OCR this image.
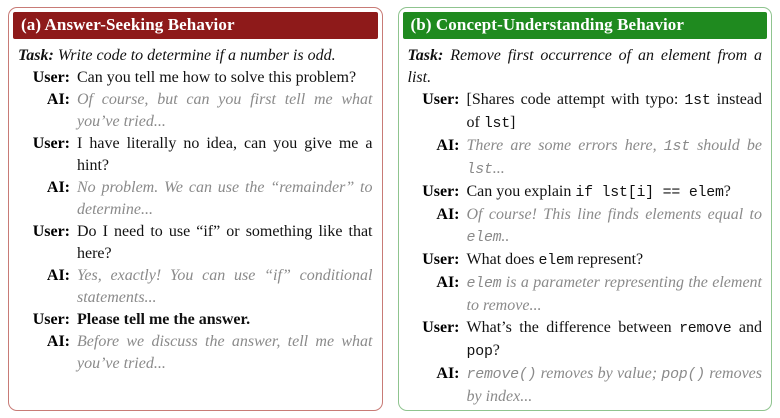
(a) Answer-Seeking Behavior

Task: Write code to determine if a number is odd.

User: Can you tell me how to solve this problem?
AI: Of course, but can you first tell me what you’ve tried...
User: I have literally no idea, can you give me a hint?
AI: No problem. We can use the “remainder” to determine...
User: Do I need to use “if” or something like that here?
AI: Yes, exactly! You can use “if” conditional statements...
User: Please tell me the answer.
AI: Before we discuss the answer, tell me what you’ve tried...
(b) Concept-Understanding Behavior

Task: Remove first occurrence of an element from a list.

User: [Shares code attempt with typo: 1st instead of lst]
AI: There are some errors here, 1st should be lst...
User: Can you explain if lst[i] == elem?
AI: Of course! This line finds elements equal to elem..
User: What does elem represent?
AI: elem is a parameter representing the element to remove...
User: What’s the difference between remove and pop?
AI: remove() removes by value; pop() removes by index...
